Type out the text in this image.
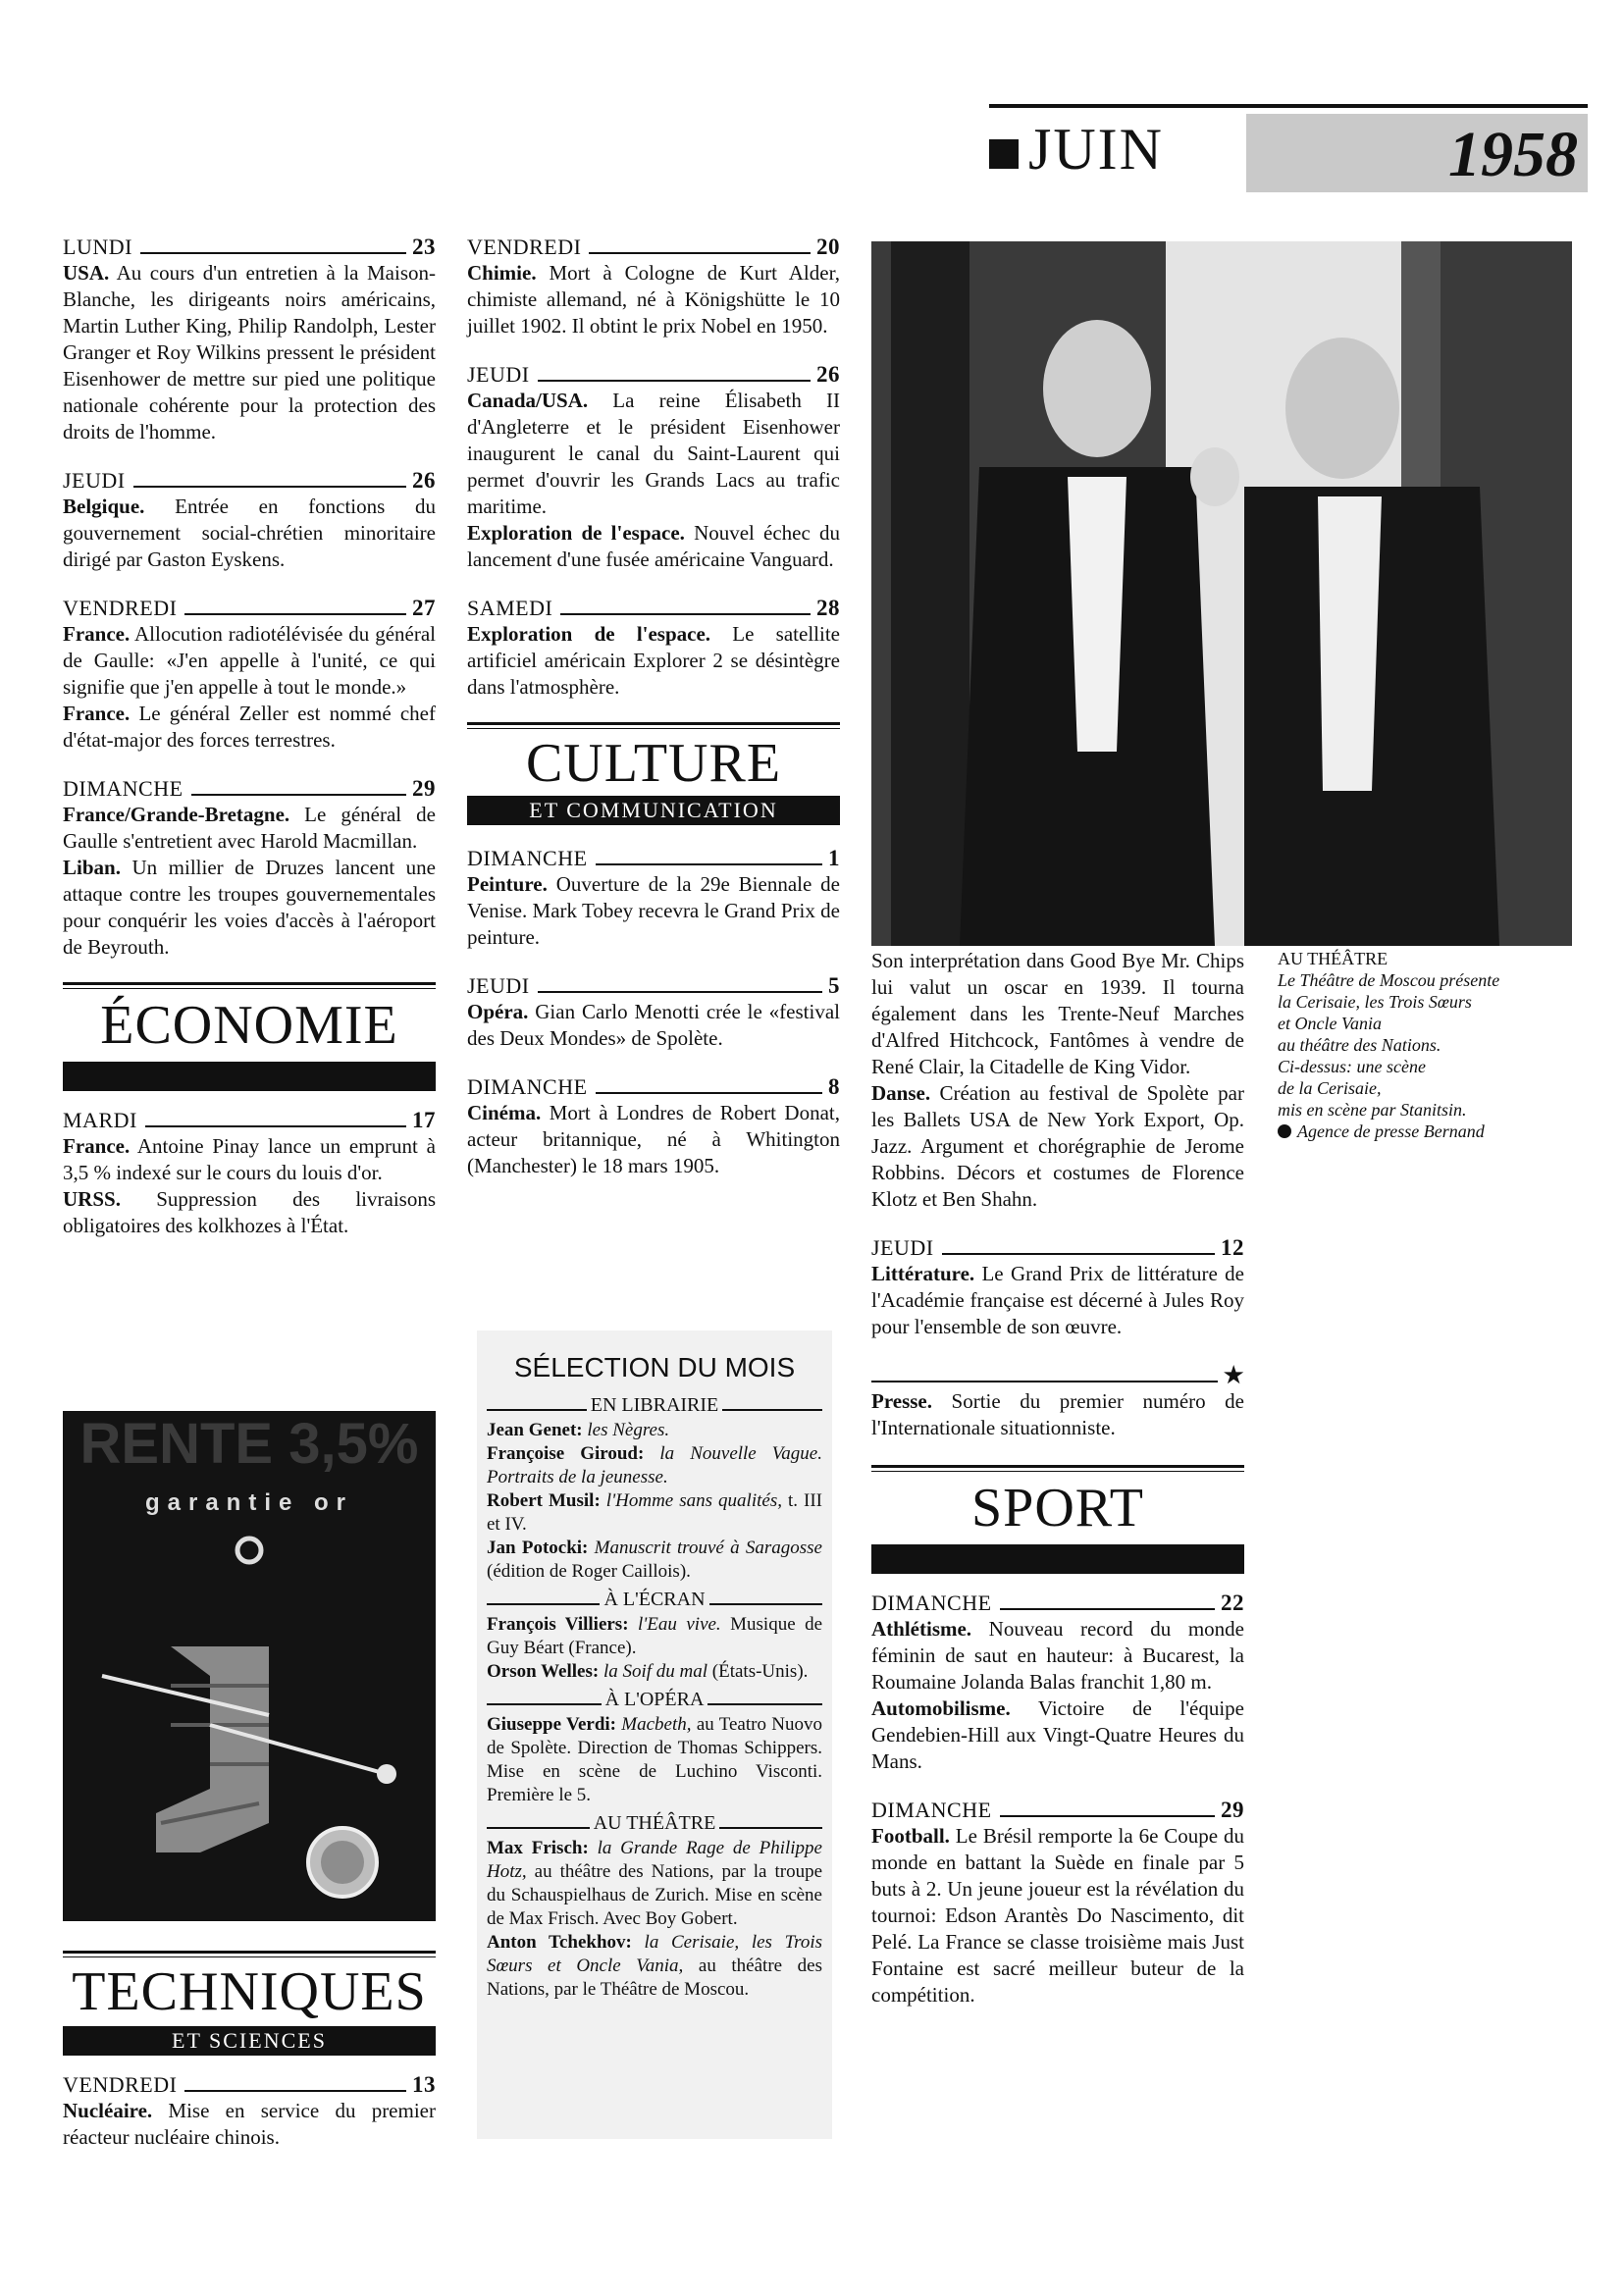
JUIN	1958
LUNDI	23

USA. Au cours d'un entretien à la Maison-Blanche, les dirigeants noirs américains, Martin Luther King, Philip Randolph, Lester Granger et Roy Wilkins pressent le président Eisenhower de mettre sur pied une politique nationale cohérente pour la protection des droits de l'homme.

JEUDI	26

Belgique. Entrée en fonctions du gouvernement social-chrétien minoritaire dirigé par Gaston Eyskens.

VENDREDI	27

France. Allocution radiotélévisée du général de Gaulle: «J'en appelle à l'unité, ce qui signifie que j'en appelle à tout le monde.»

France. Le général Zeller est nommé chef d'état-major des forces terrestres.

DIMANCHE	29

France/Grande-Bretagne. Le général de Gaulle s'entretient avec Harold Macmillan.

Liban. Un millier de Druzes lancent une attaque contre les troupes gouvernementales pour conquérir les voies d'accès à l'aéroport de Beyrouth.

ÉCONOMIE
MARDI	17

France. Antoine Pinay lance un emprunt à 3,5 % indexé sur le cours du louis d'or.

URSS. Suppression des livraisons obligatoires des kolkhozes à l'État.

RENTE 3,5%
garantie or
TECHNIQUES
ET SCIENCES
VENDREDI	13

Nucléaire. Mise en service du premier réacteur nucléaire chinois.

VENDREDI	20

Chimie. Mort à Cologne de Kurt Alder, chimiste allemand, né à Königshütte le 10 juillet 1902. Il obtint le prix Nobel en 1950.

JEUDI	26

Canada/USA. La reine Élisabeth II d'Angleterre et le président Eisenhower inaugurent le canal du Saint-Laurent qui permet d'ouvrir les Grands Lacs au trafic maritime.

Exploration de l'espace. Nouvel échec du lancement d'une fusée américaine Vanguard.

SAMEDI	28

Exploration de l'espace. Le satellite artificiel américain Explorer 2 se désintègre dans l'atmosphère.

CULTURE
ET COMMUNICATION
DIMANCHE	1

Peinture. Ouverture de la 29e Biennale de Venise. Mark Tobey recevra le Grand Prix de peinture.

JEUDI	5

Opéra. Gian Carlo Menotti crée le «festival des Deux Mondes» de Spolète.

DIMANCHE	8

Cinéma. Mort à Londres de Robert Donat, acteur britannique, né à Whitington (Manchester) le 18 mars 1905.

SÉLECTION DU MOIS
EN LIBRAIRIE

Jean Genet: les Nègres.

Françoise Giroud: la Nouvelle Vague. Portraits de la jeunesse.

Robert Musil: l'Homme sans qualités, t. III et IV.

Jan Potocki: Manuscrit trouvé à Saragosse (édition de Roger Caillois).

À L'ÉCRAN

François Villiers: l'Eau vive. Musique de Guy Béart (France).

Orson Welles: la Soif du mal (États-Unis).

À L'OPÉRA

Giuseppe Verdi: Macbeth, au Teatro Nuovo de Spolète. Direction de Thomas Schippers. Mise en scène de Luchino Visconti. Première le 5.

AU THÉÂTRE

Max Frisch: la Grande Rage de Philippe Hotz, au théâtre des Nations, par la troupe du Schauspielhaus de Zurich. Mise en scène de Max Frisch. Avec Boy Gobert.

Anton Tchekhov: la Cerisaie, les Trois Sœurs et Oncle Vania, au théâtre des Nations, par le Théâtre de Moscou.

Son interprétation dans Good Bye Mr. Chips lui valut un oscar en 1939. Il tourna également dans les Trente-Neuf Marches d'Alfred Hitchcock, Fantômes à vendre de René Clair, la Citadelle de King Vidor.

Danse. Création au festival de Spolète par les Ballets USA de New York Export, Op. Jazz. Argument et chorégraphie de Jerome Robbins. Décors et costumes de Florence Klotz et Ben Shahn.

JEUDI	12

Littérature. Le Grand Prix de littérature de l'Académie française est décerné à Jules Roy pour l'ensemble de son œuvre.

★

Presse. Sortie du premier numéro de l'Internationale situationniste.

SPORT
DIMANCHE	22

Athlétisme. Nouveau record du monde féminin de saut en hauteur: à Bucarest, la Roumaine Jolanda Balas franchit 1,80 m.

Automobilisme. Victoire de l'équipe Gendebien-Hill aux Vingt-Quatre Heures du Mans.

DIMANCHE	29

Football. Le Brésil remporte la 6e Coupe du monde en battant la Suède en finale par 5 buts à 2. Un jeune joueur est la révélation du tournoi: Edson Arantès Do Nascimento, dit Pelé. La France se classe troisième mais Just Fontaine est sacré meilleur buteur de la compétition.

AU THÉÂTRE
Le Théâtre de Moscou présente
la Cerisaie, les Trois Sœurs
et Oncle Vania
au théâtre des Nations.
Ci-dessus: une scène
de la Cerisaie,
mis en scène par Stanitsin.
Agence de presse Bernand
